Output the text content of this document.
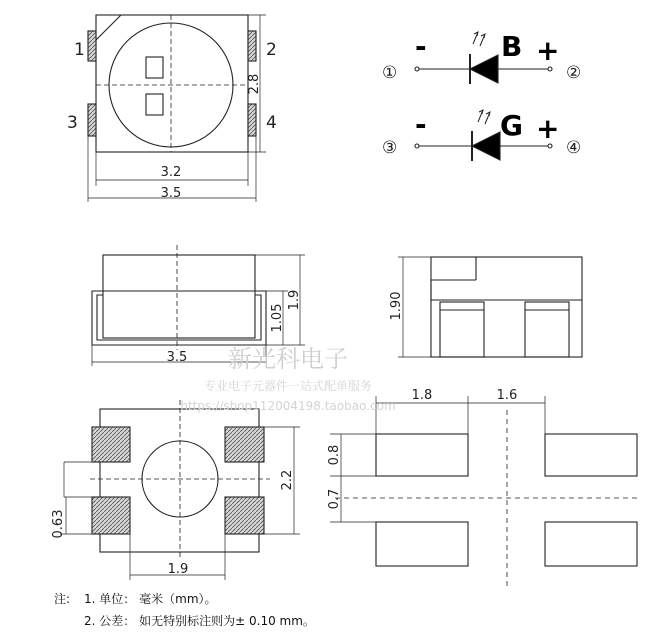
1	2
3	4
2.8
3.2
3.5
①	②
③	④
-
-
B
G
+
+
1.05
1.9
3.5
1.90
2.2
0.63
1.9
1.8	1.6
0.8
0.7
新光科电子
专业电子元器件一站式配单服务
https://shop112004198.taobao.com
注: 1. 单位： 毫米（mm）。
2. 公差： 如无特别标注则为± 0.10 mm。
